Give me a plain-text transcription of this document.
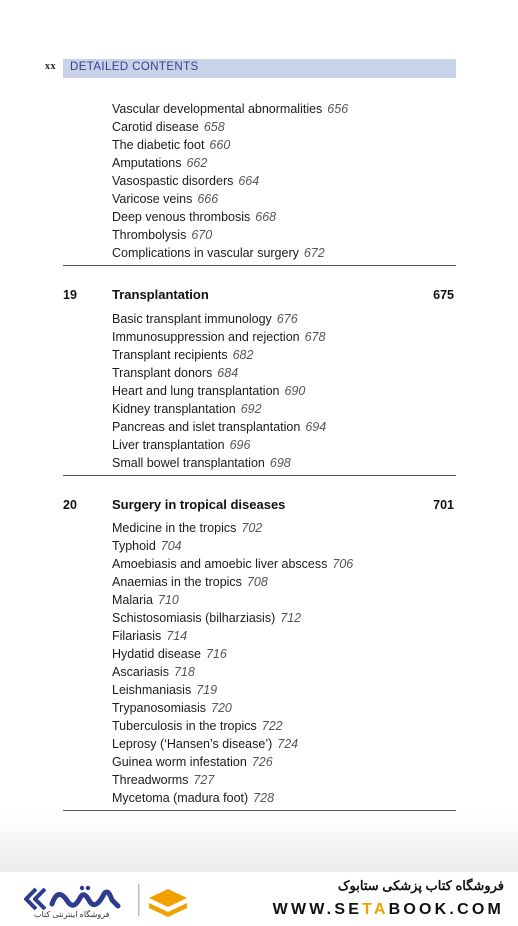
xx DETAILED CONTENTS
Vascular developmental abnormalities 656
Carotid disease 658
The diabetic foot 660
Amputations 662
Vasospastic disorders 664
Varicose veins 666
Deep venous thrombosis 668
Thrombolysis 670
Complications in vascular surgery 672
19	Transplantation	675
Basic transplant immunology 676
Immunosuppression and rejection 678
Transplant recipients 682
Transplant donors 684
Heart and lung transplantation 690
Kidney transplantation 692
Pancreas and islet transplantation 694
Liver transplantation 696
Small bowel transplantation 698
20	Surgery in tropical diseases	701
Medicine in the tropics 702
Typhoid 704
Amoebiasis and amoebic liver abscess 706
Anaemias in the tropics 708
Malaria 710
Schistosomiasis (bilharziasis) 712
Filariasis 714
Hydatid disease 716
Ascariasis 718
Leishmaniasis 719
Trypanosomiasis 720
Tuberculosis in the tropics 722
Leprosy (‘Hansen’s disease’) 724
Guinea worm infestation 726
Threadworms 727
Mycetoma (madura foot) 728
فروشگاه اینترنتی کتاب
فروشگاه کتاب پزشکی ستابوک
WWW.SETABOOK.COM
